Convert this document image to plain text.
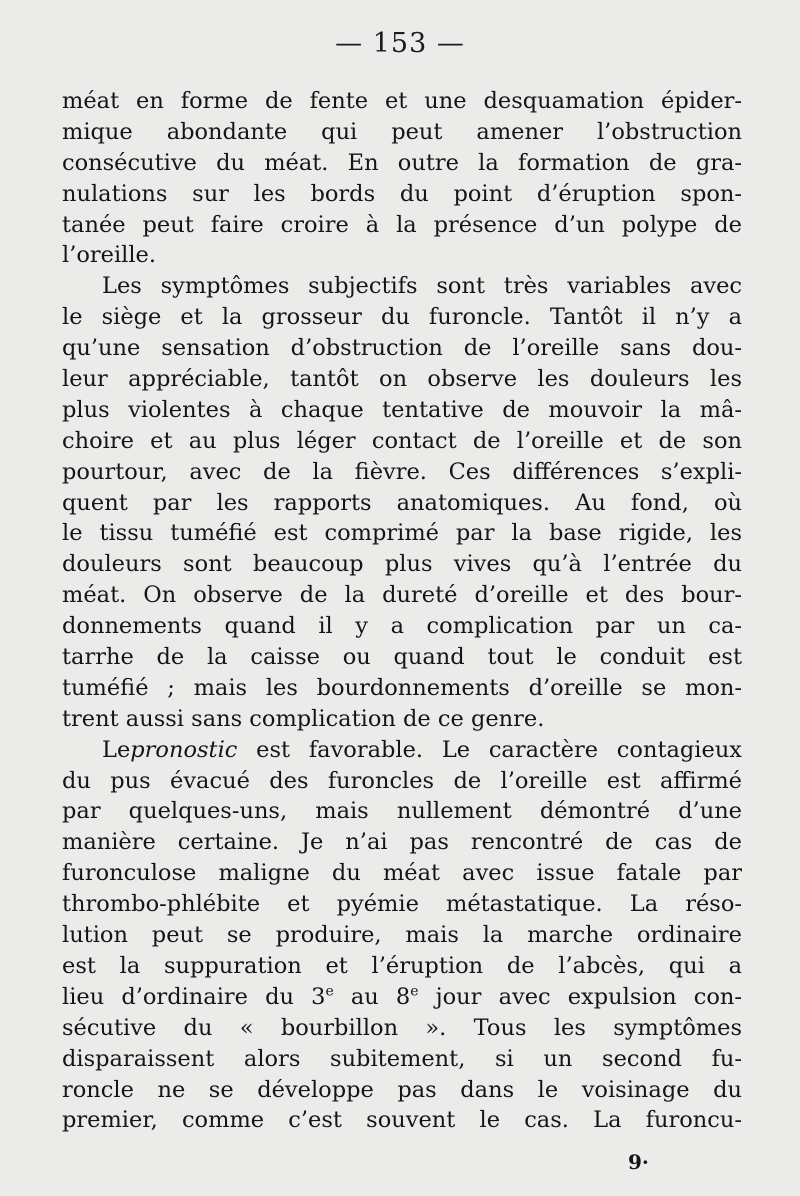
— 153 —
méat en forme de fente et une desquamation épider-
mique abondante qui peut amener l’obstruction
consécutive du méat. En outre la formation de gra-
nulations sur les bords du point d’éruption spon-
tanée peut faire croire à la présence d’un polype de
l’oreille.
Les symptômes subjectifs sont très variables avec
le siège et la grosseur du furoncle. Tantôt il n’y a
qu’une sensation d’obstruction de l’oreille sans dou-
leur appréciable, tantôt on observe les douleurs les
plus violentes à chaque tentative de mouvoir la mâ-
choire et au plus léger contact de l’oreille et de son
pourtour, avec de la fièvre. Ces différences s’expli-
quent par les rapports anatomiques. Au fond, où
le tissu tuméfié est comprimé par la base rigide, les
douleurs sont beaucoup plus vives qu’à l’entrée du
méat. On observe de la dureté d’oreille et des bour-
donnements quand il y a complication par un ca-
tarrhe de la caisse ou quand tout le conduit est
tuméfié ; mais les bourdonnements d’oreille se mon-
trent aussi sans complication de ce genre.
Lepronostic est favorable. Le caractère contagieux
du pus évacué des furoncles de l’oreille est affirmé
par quelques-uns, mais nullement démontré d’une
manière certaine. Je n’ai pas rencontré de cas de
furonculose maligne du méat avec issue fatale par
thrombo-phlébite et pyémie métastatique. La réso-
lution peut se produire, mais la marche ordinaire
est la suppuration et l’éruption de l’abcès, qui a
lieu d’ordinaire du 3e au 8e jour avec expulsion con-
sécutive du « bourbillon ». Tous les symptômes
disparaissent alors subitement, si un second fu-
roncle ne se développe pas dans le voisinage du
premier, comme c’est souvent le cas. La furoncu-
9·
